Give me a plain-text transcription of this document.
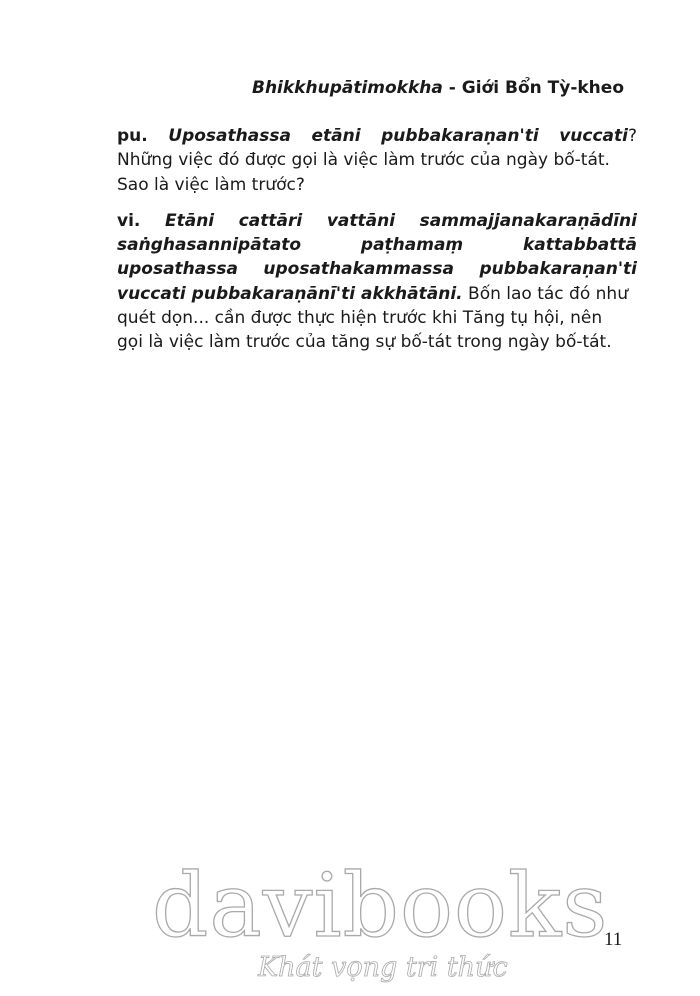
Bhikkhupātimokkha - Giới Bổn Tỳ-kheo
pu. Uposathassa etāni pubbakaraṇan'ti vuccati?
Những việc đó được gọi là việc làm trước của ngày bố-tát.
Sao là việc làm trước?
vi. Etāni cattāri vattāni sammajjanakaraṇādīni
saṅghasannipātato	paṭhamaṃ	kattabbattā
uposathassa uposathakammassa pubbakaraṇan'ti
vuccati pubbakaraṇānī'ti akkhātāni. Bốn lao tác đó như
quét dọn... cần được thực hiện trước khi Tăng tụ hội, nên
gọi là việc làm trước của tăng sự bố-tát trong ngày bố-tát.
davibooks
Khát vọng tri thức
11
